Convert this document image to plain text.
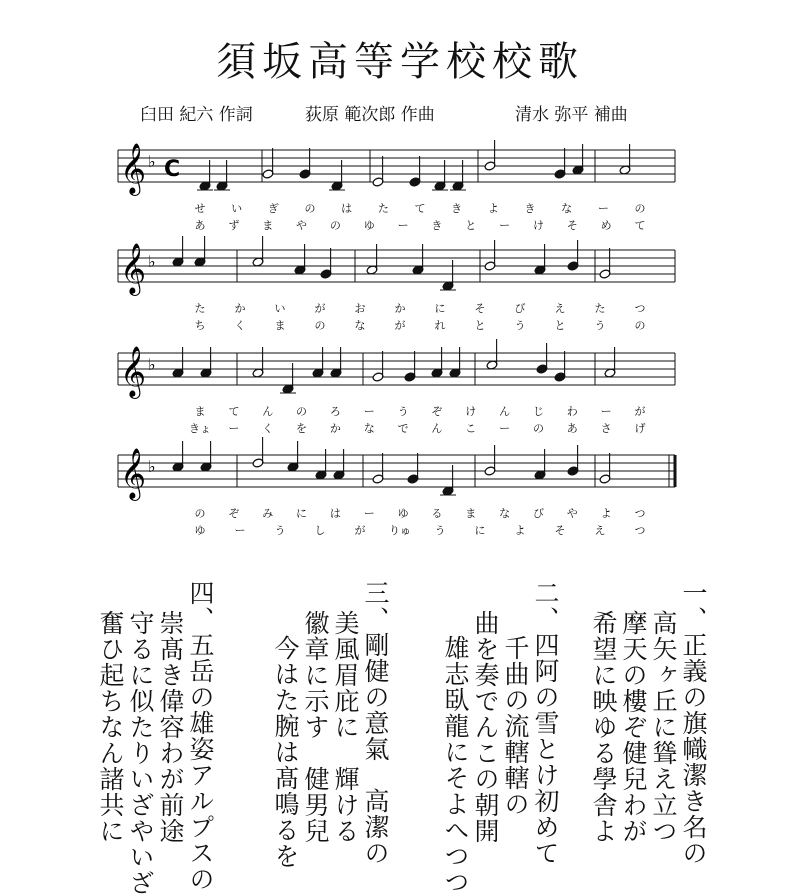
須坂高等学校校歌
臼田 紀六 作詞	荻原 範次郎 作曲	清水 弥平 補曲
𝄞 ♭ C
せ い ぎ の は た て き よ き な ー の
あ ず ま や の ゆ ー き と ー け そ め て
𝄞 ♭
た	か	い	が	お	か	に	そ	び	え	た	つ
ち	く	ま	の	な	が	れ	と	う	と	う	の
𝄞 ♭
ま て ん の ろ ー う ぞ け ん じ わ ー が
きょ ー く を か な で ん こ ー の あ さ げ
𝄞 ♭
の ぞ み に は ー ゆ る ま な び や よ つ
ゆ	ー	う	し	が りゅ う	に	よ	そ	え	つ
一、正義の旗幟潔き名の
高矢ヶ丘に聳え立つ
摩天の樓ぞ健兒わが
希望に映ゆる學舎よ
二、四阿の雪とけ初めて
千曲の流轄轄の
曲を奏でんこの朝開
雄志臥龍にそよへつつ
三、剛健の意氣　高潔の
美風眉庇に　輝ける
徽章に示す　健男兒
今はた腕は髙鳴るを
四、五岳の雄姿アルプスの
崇髙き偉容わが前途
守るに似たりいざやいざ
奮ひ起ちなん諸共に
